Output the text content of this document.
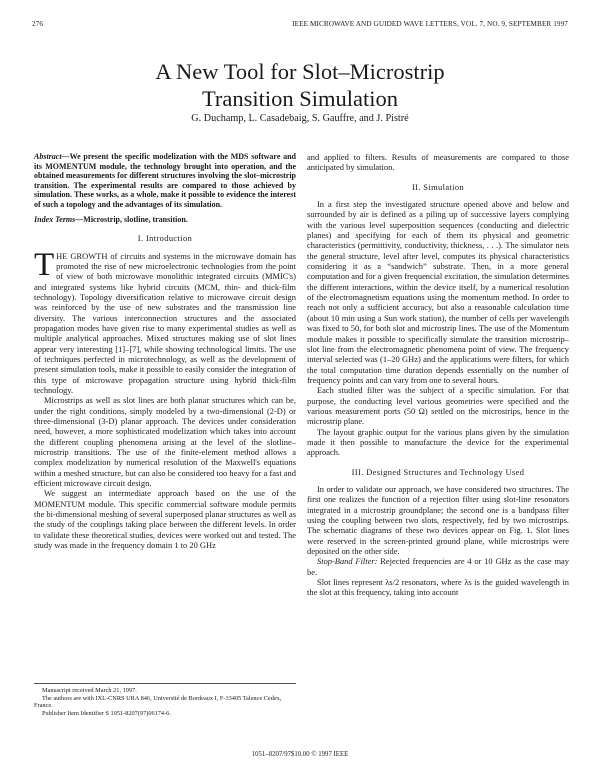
276	IEEE MICROWAVE AND GUIDED WAVE LETTERS, VOL. 7, NO. 9, SEPTEMBER 1997
A New Tool for Slot–Microstrip
Transition Simulation
G. Duchamp, L. Casadebaig, S. Gauffre, and J. Pistré
Abstract—We present the specific modelization with the MDS software and its MOMENTUM module, the technology brought into operation, and the obtained measurements for different structures involving the slot–microstrip transition. The experimental results are compared to those achieved by simulation. These works, as a whole, make it possible to evidence the interest of such a topology and the advantages of its simulation.
Index Terms—Microstrip, slotline, transition.
I. Introduction

THE GROWTH of circuits and systems in the microwave domain has promoted the rise of new microelectronic technologies from the point of view of both microwave monolithic integrated circuits (MMIC's) and integrated systems like hybrid circuits (MCM, thin- and thick-film technology). Topology diversification relative to microwave circuit design was reinforced by the use of new substrates and the transmission line diversity. The various interconnection structures and the associated propagation modes have given rise to many experimental studies as well as multiple analytical approaches. Mixed structures making use of slot lines appear very interesting [1]–[7], while showing technological limits. The use of techniques perfected in microtechnology, as well as the development of present simulation tools, make it possible to easily consider the integration of this type of microwave propagation structure using hybrid thick-film technology.

Microstrips as well as slot lines are both planar structures which can be, under the right conditions, simply modeled by a two-dimensional (2-D) or three-dimensional (3-D) planar approach. The devices under consideration need, however, a more sophisticated modelization which takes into account the different coupling phenomena arising at the level of the slotline–microstrip transitions. The use of the finite-element method allows a complex modelization by numerical resolution of the Maxwell's equations within a meshed structure, but can also be considered too heavy for a fast and efficient microwave circuit design.

We suggest an intermediate approach based on the use of the MOMENTUM module. This specific commercial software module permits the bi-dimensional meshing of several superposed planar structures as well as the study of the couplings taking place between the different levels. In order to validate these theoretical studies, devices were worked out and tested. The study was made in the frequency domain 1 to 20 GHz

and applied to filters. Results of measurements are compared to those anticipated by simulation.

II. Simulation

In a first step the investigated structure opened above and below and surrounded by air is defined as a piling up of successive layers complying with the various level superposition sequences (conducting and dielectric planes) and specifying for each of them its physical and geometric characteristics (permittivity, conductivity, thickness, . . .). The simulator nets the general structure, level after level, computes its physical characteristics considering it as a “sandwich” substrate. Then, in a more general computation and for a given frequencial excitation, the simulation determines the different interactions, within the device itself, by a numerical resolution of the electromagnetism equations using the momentum method. In order to reach not only a sufficient accuracy, but also a reasonable calculation time (about 10 min using a Sun work station), the number of cells per wavelength was fixed to 50, for both slot and microstrip lines. The use of the Momentum module makes it possible to specifically simulate the transition microstrip–slot line from the electromagnetic phenomena point of view. The frequency interval selected was (1–20 GHz) and the applications were filters, for which the total computation time duration depends essentially on the number of frequency points and can vary from one to several hours.

Each studied filter was the subject of a specific simulation. For that purpose, the conducting level various geometries were specified and the various measurement ports (50 Ω) settled on the microstrips, hence in the microstrip plane.

The layout graphic output for the various plans given by the simulation made it then possible to manufacture the device for the experimental approach.

III. Designed Structures and Technology Used

In order to validate our approach, we have considered two structures. The first one realizes the function of a rejection filter using slot-line resonators integrated in a microstrip groundplane; the second one is a bandpass filter using the coupling between two slots, respectively, fed by two microstrips. The schematic diagrams of these two devices appear on Fig. 1. Slot lines were reserved in the screen-printed ground plane, while microstrips were deposited on the other side.

Stop-Band Filter: Rejected frequencies are 4 or 10 GHz as the case may be.

Slot lines represent λs/2 resonators, where λs is the guided wavelength in the slot at this frequency, taking into account

Manuscript received March 21, 1997.
The authors are with IXL-CNRS URA 846, Université de Bordeaux I, F-33405 Talence Cedex, France.
Publisher Item Identifier S 1051-8207(97)06174-6.
1051–8207/97$10.00 © 1997 IEEE
